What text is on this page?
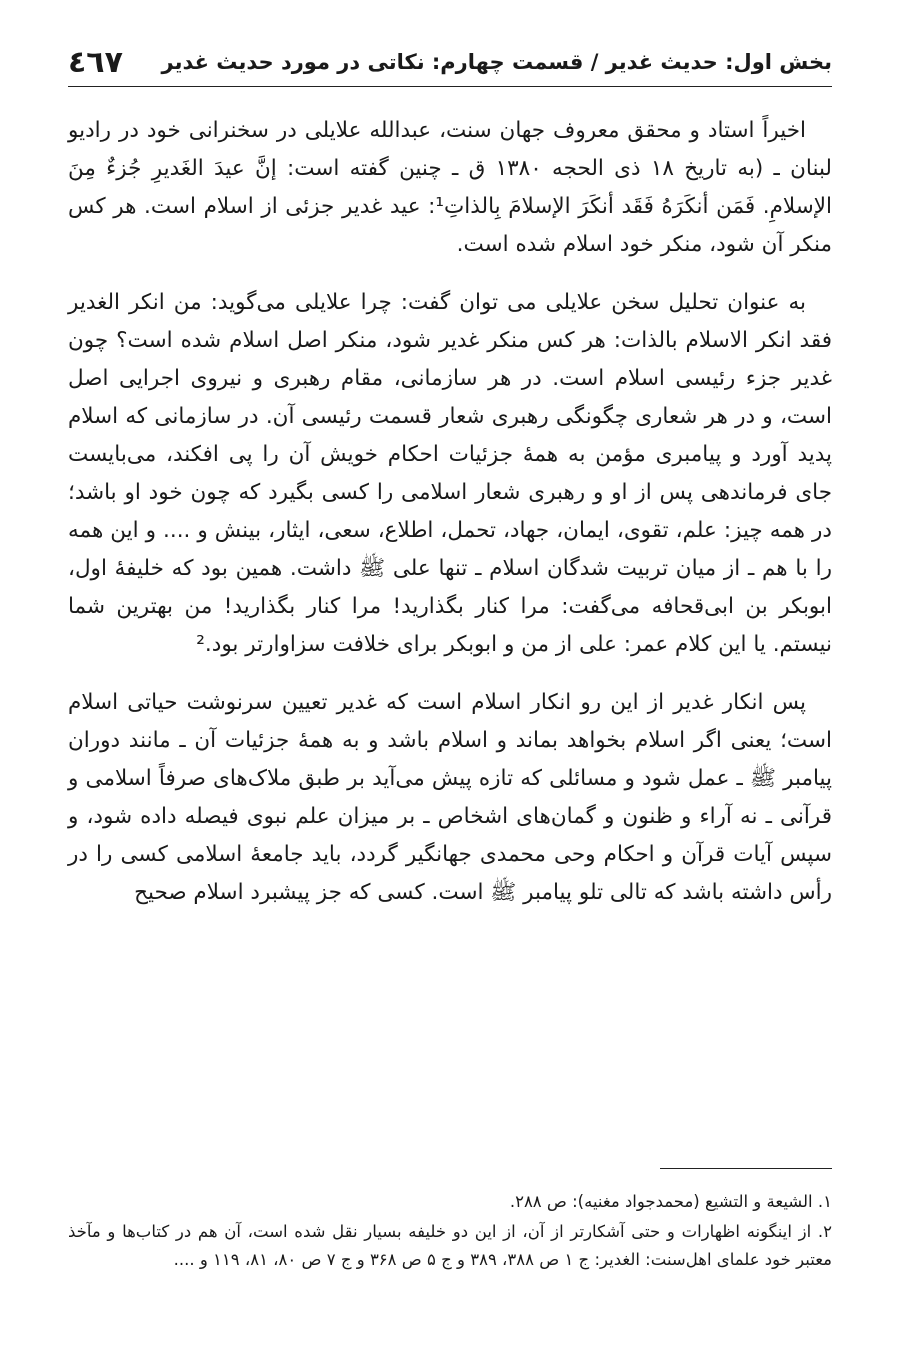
بخش اول: حدیث غدیر / قسمت چهارم: نکاتی در مورد حدیث غدیر
٤٦٧

اخیراً استاد و محقق معروف جهان سنت، عبدالله علایلی در سخنرانی خود در رادیو لبنان ـ (به تاریخ ۱۸ ذی الحجه ۱۳۸۰ ق ـ چنین گفته است: إنَّ عیدَ الغَدیرِ جُزءٌ مِنَ الإسلامِ. فَمَن أنکَرَهُ فَقَد أنکَرَ الإسلامَ بِالذاتِ¹: عید غدیر جزئی از اسلام است. هر کس منکر آن شود، منکر خود اسلام شده است.

به عنوان تحلیل سخن علایلی می توان گفت: چرا علایلی می‌گوید: من انکر الغدیر فقد انکر الاسلام بالذات: هر کس منکر غدیر شود، منکر اصل اسلام شده است؟ چون غدیر جزء رئیسی اسلام است. در هر سازمانی، مقام رهبری و نیروی اجرایی اصل است، و در هر شعاری چگونگی رهبری شعار قسمت رئیسی آن. در سازمانی که اسلام پدید آورد و پیامبری مؤمن به همهٔ جزئیات احکام خویش آن را پی افکند، می‌بایست جای فرماندهی پس از او و رهبری شعار اسلامی را کسی بگیرد که چون خود او باشد؛ در همه چیز: علم، تقوی، ایمان، جهاد، تحمل، اطلاع، سعی، ایثار، بینش و .... و این همه را با هم ـ از میان تربیت شدگان اسلام ـ تنها علی ﷺ داشت. همین بود که خلیفهٔ اول، ابوبکر بن ابی‌قحافه می‌گفت: مرا کنار بگذارید! مرا کنار بگذارید! من بهترین شما نیستم. یا این کلام عمر: علی از من و ابوبکر برای خلافت سزاوارتر بود.²

پس انکار غدیر از این رو انکار اسلام است که غدیر تعیین سرنوشت حیاتی اسلام است؛ یعنی اگر اسلام بخواهد بماند و اسلام باشد و به همهٔ جزئیات آن ـ مانند دوران پیامبر ﷺ ـ عمل شود و مسائلی که تازه پیش می‌آید بر طبق ملاک‌های صرفاً اسلامی و قرآنی ـ نه آراء و ظنون و گمان‌های اشخاص ـ بر میزان علم نبوی فیصله داده شود، و سپس آیات قرآن و احکام وحی محمدی جهانگیر گردد، باید جامعهٔ اسلامی کسی را در رأس داشته باشد که تالی تلو پیامبر ﷺ است. کسی که جز پیشبرد اسلام صحیح

۱. الشیعة و التشیع (محمدجواد مغنیه): ص ۲۸۸.

۲. از اینگونه اظهارات و حتی آشکارتر از آن، از این دو خلیفه بسیار نقل شده است، آن هم در کتاب‌ها و مآخذ معتبر خود علمای اهل‌سنت: الغدیر: ج ۱ ص ۳۸۸، ۳۸۹ و ج ۵ ص ۳۶۸ و ج ۷ ص ۸۰، ۸۱، ۱۱۹ و ....
